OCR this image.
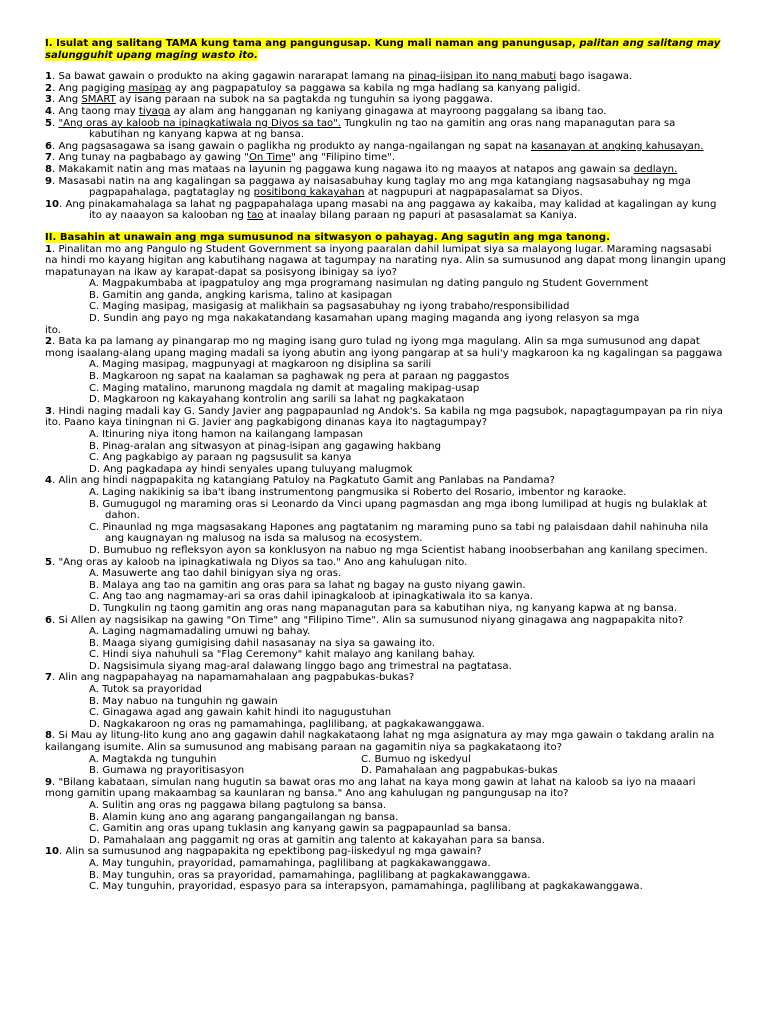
I. Isulat ang salitang TAMA kung tama ang pangungusap. Kung mali naman ang panungusap, palitan ang salitang may salungguhit upang maging wasto ito.

1. Sa bawat gawain o produkto na aking gagawin nararapat lamang na pinag-iisipan ito nang mabuti bago isagawa.

2. Ang pagiging masipag ay ang pagpapatuloy sa paggawa sa kabila ng mga hadlang sa kanyang paligid.

3. Ang SMART ay isang paraan na subok na sa pagtakda ng tunguhin sa iyong paggawa.

4. Ang taong may tiyaga ay alam ang hangganan ng kaniyang ginagawa at mayroong paggalang sa ibang tao.

5. "Ang oras ay kaloob na ipinagkatiwala ng Diyos sa tao". Tungkulin ng tao na gamitin ang oras nang mapanagutan para sa kabutihan ng kanyang kapwa at ng bansa.

6. Ang pagsasagawa sa isang gawain o paglikha ng produkto ay nanga-ngailangan ng sapat na kasanayan at angking kahusayan.

7. Ang tunay na pagbabago ay gawing "On Time" ang "Filipino time".

8. Makakamit natin ang mas mataas na layunin ng paggawa kung nagawa ito ng maayos at natapos ang gawain sa dedlayn.

9. Masasabi natin na ang kagalingan sa paggawa ay naisasabuhay kung taglay mo ang mga katangiang nagsasabuhay ng mga pagpapahalaga, pagtataglay ng positibong kakayahan at nagpupuri at nagpapasalamat sa Diyos.

10. Ang pinakamahalaga sa lahat ng pagpapahalaga upang masabi na ang paggawa ay kakaiba, may kalidad at kagalingan ay kung ito ay naaayon sa kalooban ng tao at inaalay bilang paraan ng papuri at pasasalamat sa Kaniya.

II. Basahin at unawain ang mga sumusunod na sitwasyon o pahayag. Ang sagutin ang mga tanong.

1. Pinalitan mo ang Pangulo ng Student Government sa inyong paaralan dahil lumipat siya sa malayong lugar. Maraming nagsasabi na hindi mo kayang higitan ang kabutihang nagawa at tagumpay na narating nya. Alin sa sumusunod ang dapat mong linangin upang mapatunayan na ikaw ay karapat-dapat sa posisyong ibinigay sa iyo?

A. Magpakumbaba at ipagpatuloy ang mga programang nasimulan ng dating pangulo ng Student Government

B. Gamitin ang ganda, angking karisma, talino at kasipagan

C. Maging masipag, masigasig at malikhain sa pagsasabuhay ng iyong trabaho/responsibilidad

D. Sundin ang payo ng mga nakakatandang kasamahan upang maging maganda ang iyong relasyon sa mga

ito.

2. Bata ka pa lamang ay pinangarap mo ng maging isang guro tulad ng iyong mga magulang. Alin sa mga sumusunod ang dapat mong isaalang-alang upang maging madali sa iyong abutin ang iyong pangarap at sa huli'y magkaroon ka ng kagalingan sa paggawa

A. Maging masipag, magpunyagi at magkaroon ng disiplina sa sarili

B. Magkaroon ng sapat na kaalaman sa paghawak ng pera at paraan ng paggastos

C. Maging matalino, marunong magdala ng damit at magaling makipag-usap

D. Magkaroon ng kakayahang kontrolin ang sarili sa lahat ng pagkakataon

3. Hindi naging madali kay G. Sandy Javier ang pagpapaunlad ng Andok's. Sa kabila ng mga pagsubok, napagtagumpayan pa rin niya ito. Paano kaya tiningnan ni G. Javier ang pagkabigong dinanas kaya ito nagtagumpay?

A. Itinuring niya itong hamon na kailangang lampasan

B. Pinag-aralan ang sitwasyon at pinag-isipan ang gagawing hakbang

C. Ang pagkabigo ay paraan ng pagsusulit sa kanya

D. Ang pagkadapa ay hindi senyales upang tuluyang malugmok

4. Alin ang hindi nagpapakita ng katangiang Patuloy na Pagkatuto Gamit ang Panlabas na Pandama?

A. Laging nakikinig sa iba't ibang instrumentong pangmusika si Roberto del Rosario, imbentor ng karaoke.

B. Gumugugol ng maraming oras si Leonardo da Vinci upang pagmasdan ang mga ibong lumilipad at hugis ng bulaklak at dahon.

C. Pinaunlad ng mga magsasakang Hapones ang pagtatanim ng maraming puno sa tabi ng palaisdaan dahil nahinuha nila ang kaugnayan ng malusog na isda sa malusog na ecosystem.

D. Bumubuo ng refleksyon ayon sa konklusyon na nabuo ng mga Scientist habang inoobserbahan ang kanilang specimen.

5. "Ang oras ay kaloob na ipinagkatiwala ng Diyos sa tao." Ano ang kahulugan nito.

A. Masuwerte ang tao dahil binigyan siya ng oras.

B. Malaya ang tao na gamitin ang oras para sa lahat ng bagay na gusto niyang gawin.

C. Ang tao ang nagmamay-ari sa oras dahil ipinagkaloob at ipinagkatiwala ito sa kanya.

D. Tungkulin ng taong gamitin ang oras nang mapanagutan para sa kabutihan niya, ng kanyang kapwa at ng bansa.

6. Si Allen ay nagsisikap na gawing "On Time" ang "Filipino Time". Alin sa sumusunod niyang ginagawa ang nagpapakita nito?

A. Laging nagmamadaling umuwi ng bahay.

B. Maaga siyang gumigising dahil nasasanay na siya sa gawaing ito.

C. Hindi siya nahuhuli sa "Flag Ceremony" kahit malayo ang kanilang bahay.

D. Nagsisimula siyang mag-aral dalawang linggo bago ang trimestral na pagtatasa.

7. Alin ang nagpapahayag na napamamahalaan ang pagpabukas-bukas?

A. Tutok sa prayoridad

B. May nabuo na tunguhin ng gawain

C. Ginagawa agad ang gawain kahit hindi ito nagugustuhan

D. Nagkakaroon ng oras ng pamamahinga, paglilibang, at pagkakawanggawa.

8. Si Mau ay litung-lito kung ano ang gagawin dahil nagkakataong lahat ng mga asignatura ay may mga gawain o takdang aralin na kailangang isumite. Alin sa sumusunod ang mabisang paraan na gagamitin niya sa pagkakataong ito?

A. Magtakda ng tunguhin	C. Bumuo ng iskedyul
B. Gumawa ng prayoritisasyon	D. Pamahalaan ang pagpabukas-bukas

9. "Bilang kabataan, simulan nang hugutin sa bawat oras mo ang lahat na kaya mong gawin at lahat na kaloob sa iyo na maaari mong gamitin upang makaambag sa kaunlaran ng bansa." Ano ang kahulugan ng pangungusap na ito?

A. Sulitin ang oras ng paggawa bilang pagtulong sa bansa.

B. Alamin kung ano ang agarang pangangailangan ng bansa.

C. Gamitin ang oras upang tuklasin ang kanyang gawin sa pagpapaunlad sa bansa.

D. Pamahalaan ang paggamit ng oras at gamitin ang talento at kakayahan para sa bansa.

10. Alin sa sumusunod ang nagpapakita ng epektibong pag-iiskedyul ng mga gawain?

A. May tunguhin, prayoridad, pamamahinga, paglilibang at pagkakawanggawa.

B. May tunguhin, oras sa prayoridad, pamamahinga, paglilibang at pagkakawanggawa.

C. May tunguhin, prayoridad, espasyo para sa interapsyon, pamamahinga, paglilibang at pagkakawanggawa.
